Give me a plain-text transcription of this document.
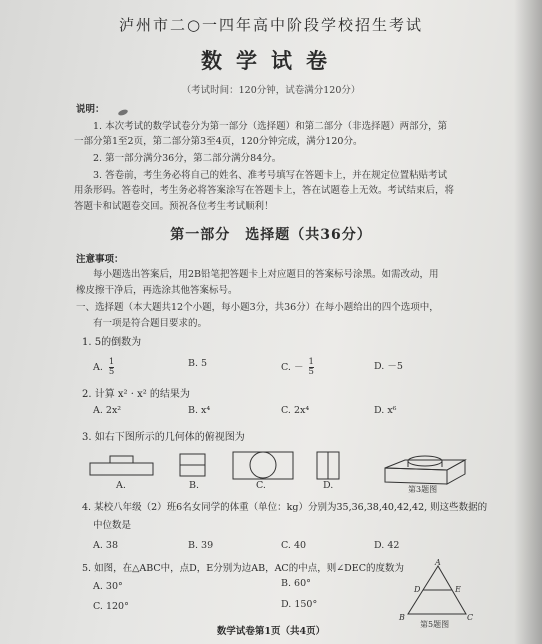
泸州市二○一四年高中阶段学校招生考试
数学试卷
（考试时间：120分钟，试卷满分120分）
说明：
1. 本次考试的数学试卷分为第一部分（选择题）和第二部分（非选择题）两部分，第
一部分第1至2页，第二部分第3至4页，120分钟完成，满分120分。
2. 第一部分满分36分，第二部分满分84分。
3. 答卷前，考生务必将自己的姓名、准考号填写在答题卡上，并在规定位置粘贴考试
用条形码。答卷时，考生务必将答案涂写在答题卡上，答在试题卷上无效。考试结束后，将
答题卡和试题卷交回。预祝各位考生考试顺利！
第一部分　选择题（共36分）
注意事项：
每小题选出答案后，用2B铅笔把答题卡上对应题目的答案标号涂黑。如需改动，用
橡皮擦干净后，再选涂其他答案标号。
一、选择题（本大题共12个小题，每小题3分，共36分）在每小题给出的四个选项中，
有一项是符合题目要求的。
1. 5的倒数为
A. $\frac{1}{5}$	B. 5	C. － $\frac{1}{5}$	D. －5
2. 计算 x² · x² 的结果为
A. 2x²	B. x⁴	C. 2x⁴	D. x⁶
3. 如右下图所示的几何体的俯视图为
A.	B.	C.	D.	第3题图
4. 某校八年级（2）班6名女同学的体重（单位：kg）分别为35,36,38,40,42,42, 则这些数据的
中位数是
A. 38	B. 39	C. 40	D. 42
5. 如图，在△ABC中，点D，E分别为边AB，AC的中点，则∠DEC的度数为
A. 30°	B. 60°
C. 120°	D. 150°
A
B	C
D	E
第5题图
数学试卷第1页（共4页）
